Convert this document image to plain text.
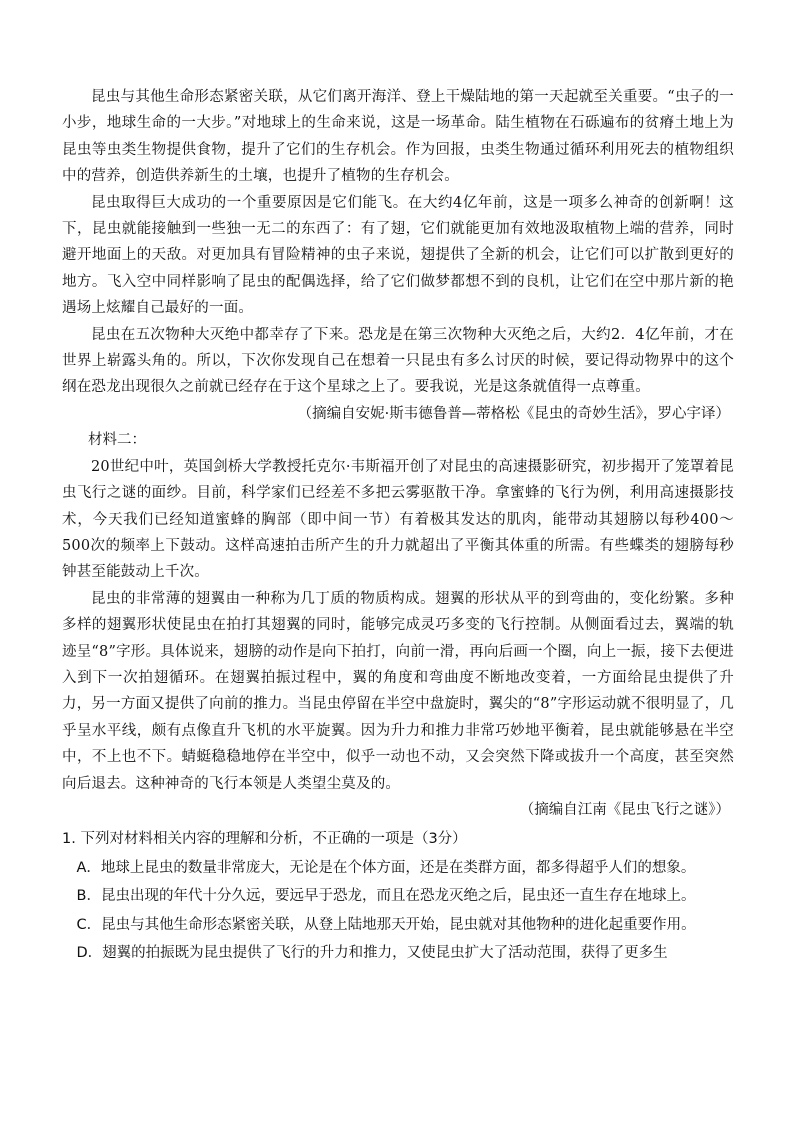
昆虫与其他生命形态紧密关联，从它们离开海洋、登上干燥陆地的第一天起就至关重要。“虫子的一小步，地球生命的一大步。”对地球上的生命来说，这是一场革命。陆生植物在石砾遍布的贫瘠土地上为昆虫等虫类生物提供食物，提升了它们的生存机会。作为回报，虫类生物通过循环利用死去的植物组织中的营养，创造供养新生的土壤，也提升了植物的生存机会。

昆虫取得巨大成功的一个重要原因是它们能飞。在大约4亿年前，这是一项多么神奇的创新啊！这下，昆虫就能接触到一些独一无二的东西了：有了翅，它们就能更加有效地汲取植物上端的营养，同时避开地面上的天敌。对更加具有冒险精神的虫子来说，翅提供了全新的机会，让它们可以扩散到更好的地方。飞入空中同样影响了昆虫的配偶选择，给了它们做梦都想不到的良机，让它们在空中那片新的艳遇场上炫耀自己最好的一面。

昆虫在五次物种大灭绝中都幸存了下来。恐龙是在第三次物种大灭绝之后，大约2．4亿年前，才在世界上崭露头角的。所以，下次你发现自己在想着一只昆虫有多么讨厌的时候，要记得动物界中的这个纲在恐龙出现很久之前就已经存在于这个星球之上了。要我说，光是这条就值得一点尊重。

（摘编自安妮·斯韦德鲁普—蒂格松《昆虫的奇妙生活》，罗心宇译）

材料二：

20世纪中叶，英国剑桥大学教授托克尔·韦斯福开创了对昆虫的高速摄影研究，初步揭开了笼罩着昆虫飞行之谜的面纱。目前，科学家们已经差不多把云雾驱散干净。拿蜜蜂的飞行为例，利用高速摄影技术，今天我们已经知道蜜蜂的胸部（即中间一节）有着极其发达的肌肉，能带动其翅膀以每秒400～500次的频率上下鼓动。这样高速拍击所产生的升力就超出了平衡其体重的所需。有些蝶类的翅膀每秒钟甚至能鼓动上千次。

昆虫的非常薄的翅翼由一种称为几丁质的物质构成。翅翼的形状从平的到弯曲的，变化纷繁。多种多样的翅翼形状使昆虫在拍打其翅翼的同时，能够完成灵巧多变的飞行控制。从侧面看过去，翼端的轨迹呈“8”字形。具体说来，翅膀的动作是向下拍打，向前一滑，再向后画一个圈，向上一振，接下去便进入到下一次拍翅循环。在翅翼拍振过程中，翼的角度和弯曲度不断地改变着，一方面给昆虫提供了升力，另一方面又提供了向前的推力。当昆虫停留在半空中盘旋时，翼尖的“8”字形运动就不很明显了，几乎呈水平线，颇有点像直升飞机的水平旋翼。因为升力和推力非常巧妙地平衡着，昆虫就能够悬在半空中，不上也不下。蜻蜓稳稳地停在半空中，似乎一动也不动，又会突然下降或拔升一个高度，甚至突然向后退去。这种神奇的飞行本领是人类望尘莫及的。

（摘编自江南《昆虫飞行之谜》）

1. 下列对材料相关内容的理解和分析，不正确的一项是（3分）

A．地球上昆虫的数量非常庞大，无论是在个体方面，还是在类群方面，都多得超乎人们的想象。

B．昆虫出现的年代十分久远，要远早于恐龙，而且在恐龙灭绝之后，昆虫还一直生存在地球上。

C．昆虫与其他生命形态紧密关联，从登上陆地那天开始，昆虫就对其他物种的进化起重要作用。

D．翅翼的拍振既为昆虫提供了飞行的升力和推力，又使昆虫扩大了活动范围，获得了更多生
